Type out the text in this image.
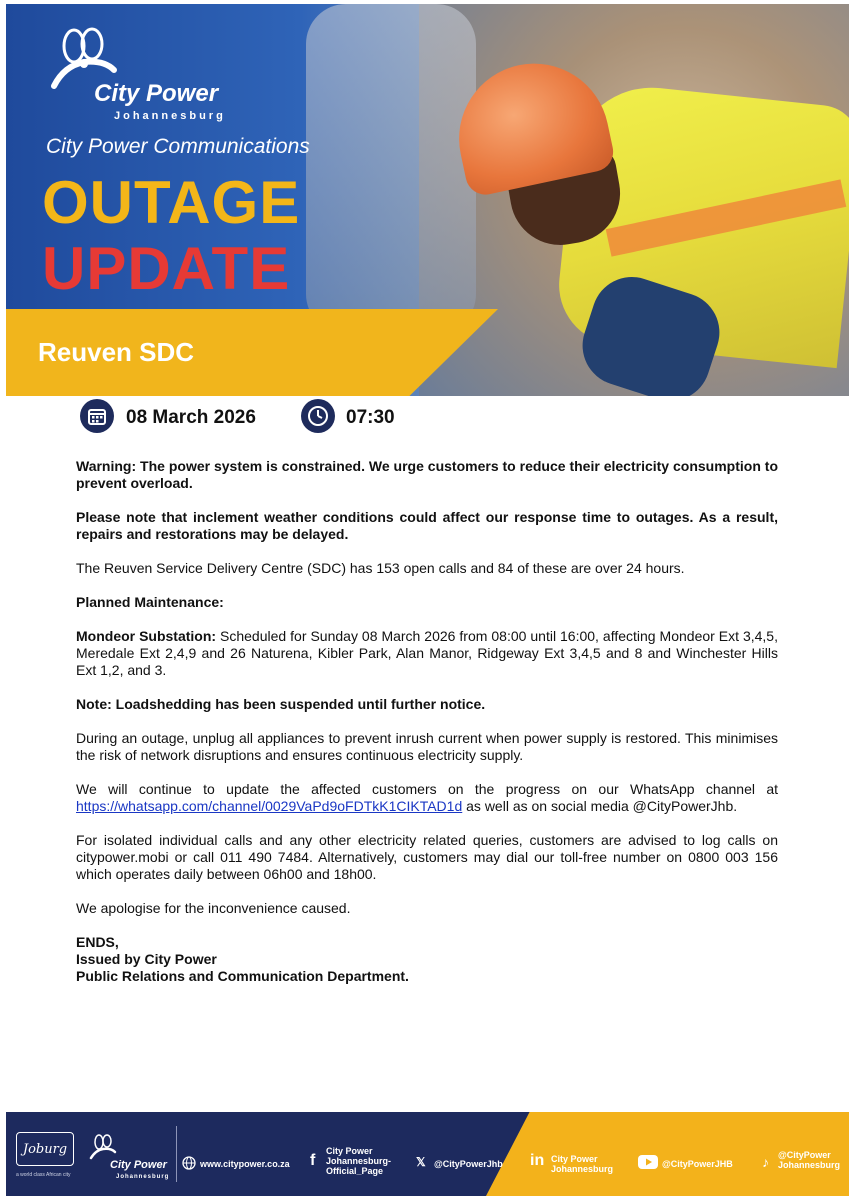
City Power
Johannesburg
City Power Communications
OUTAGE
UPDATE
Reuven SDC
08 March 2026	07:30

Warning: The power system is constrained. We urge customers to reduce their electricity consumption to prevent overload.

Please note that inclement weather conditions could affect our response time to outages. As a result, repairs and restorations may be delayed.

The Reuven Service Delivery Centre (SDC) has 153 open calls and 84 of these are over 24 hours.

Planned Maintenance:

Mondeor Substation: Scheduled for Sunday 08 March 2026 from 08:00 until 16:00, affecting Mondeor Ext 3,4,5, Meredale Ext 2,4,9 and 26 Naturena, Kibler Park, Alan Manor, Ridgeway Ext 3,4,5 and 8 and Winchester Hills Ext 1,2, and 3.

Note: Loadshedding has been suspended until further notice.

During an outage, unplug all appliances to prevent inrush current when power supply is restored. This minimises the risk of network disruptions and ensures continuous electricity supply.

We will continue to update the affected customers on the progress on our WhatsApp channel at https://whatsapp.com/channel/0029VaPd9oFDTkK1CIKTAD1d as well as on social media @CityPowerJhb.

For isolated individual calls and any other electricity related queries, customers are advised to log calls on citypower.mobi or call 011 490 7484. Alternatively, customers may dial our toll-free number on 0800 003 156 which operates daily between 06h00 and 18h00.

We apologise for the inconvenience caused.

ENDS,
Issued by City Power
Public Relations and Communication Department.
Joburg
a world class African city
City Power
Johannesburg
www.citypower.co.za f
City Power Johannesburg-Official_Page
𝕏 @CityPowerJhb in City Power Johannesburg	@CityPowerJHB ♪ @CityPower Johannesburg
